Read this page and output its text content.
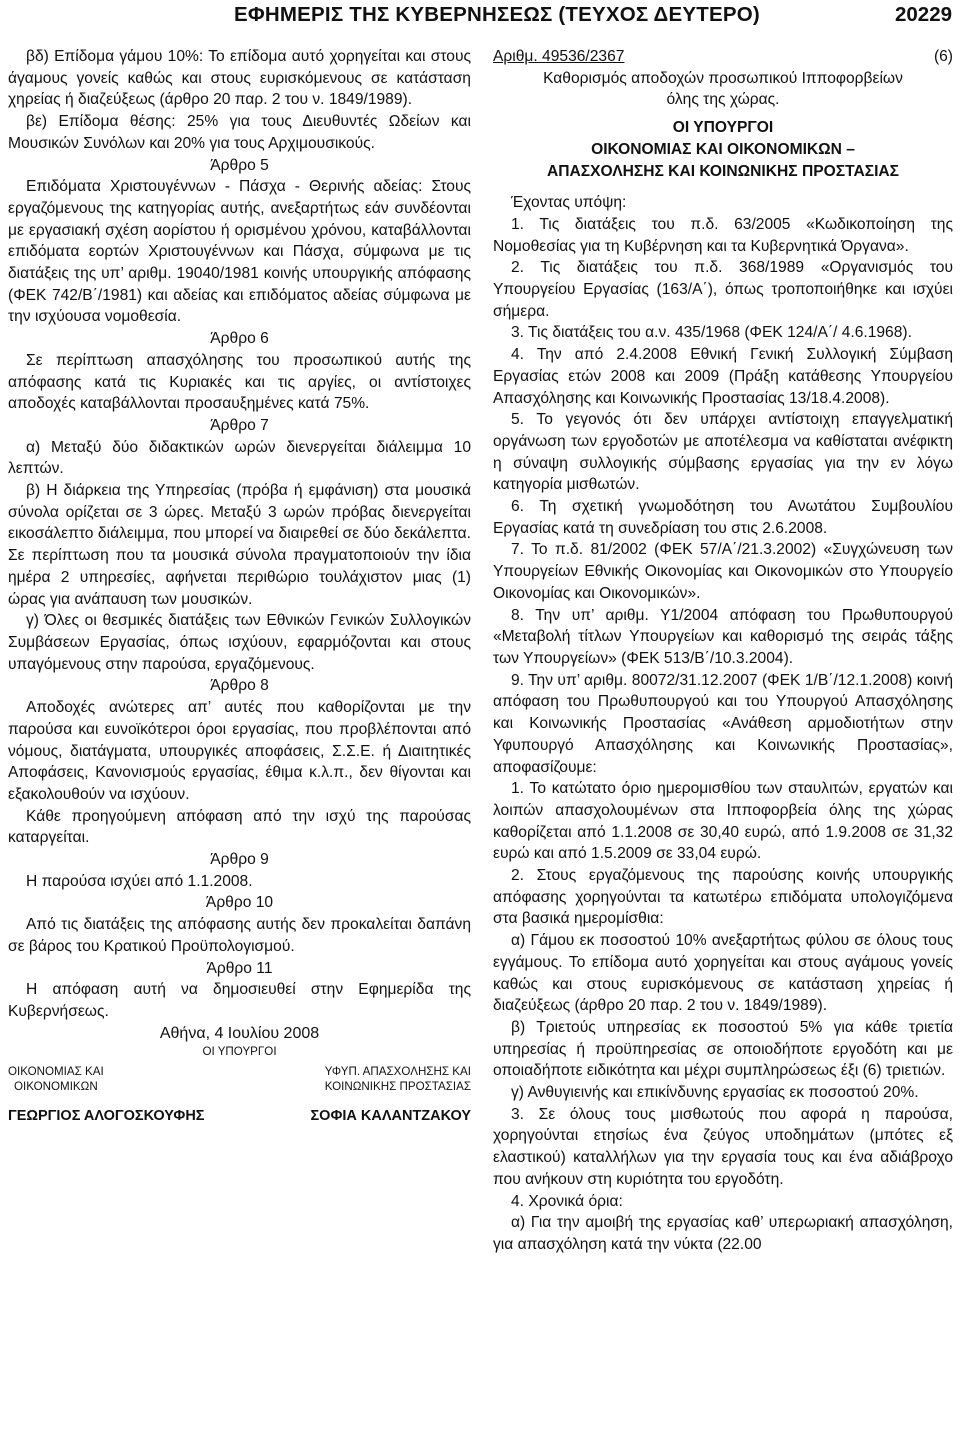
ΕΦΗΜΕΡΙΣ ΤΗΣ ΚΥΒΕΡΝΗΣΕΩΣ (ΤΕΥΧΟΣ ΔΕΥΤΕΡΟ)	20229

βδ) Επίδομα γάμου 10%: Το επίδομα αυτό χορηγείται και στους άγαμους γονείς καθώς και στους ευρισκόμενους σε κατάσταση χηρείας ή διαζεύξεως (άρθρο 20 παρ. 2 του ν. 1849/1989).

βε) Επίδομα θέσης: 25% για τους Διευθυντές Ωδείων και Μουσικών Συνόλων και 20% για τους Αρχιμουσικούς.

Άρθρο 5

Επιδόματα Χριστουγέννων ‑ Πάσχα ‑ Θερινής αδείας: Στους εργαζόμενους της κατηγορίας αυτής, ανεξαρτήτως εάν συνδέονται με εργασιακή σχέση αορίστου ή ορισμένου χρόνου, καταβάλλονται επιδόματα εορτών Χριστουγέννων και Πάσχα, σύμφωνα με τις διατάξεις της υπ’ αριθμ. 19040/1981 κοινής υπουργικής απόφασης (ΦΕΚ 742/Β΄/1981) και αδείας και επιδόματος αδείας σύμφωνα με την ισχύουσα νομοθεσία.

Άρθρο 6

Σε περίπτωση απασχόλησης του προσωπικού αυτής της απόφασης κατά τις Κυριακές και τις αργίες, οι αντίστοιχες αποδοχές καταβάλλονται προσαυξημένες κατά 75%.

Άρθρο 7

α) Μεταξύ δύο διδακτικών ωρών διενεργείται διάλειμμα 10 λεπτών.

β) Η διάρκεια της Υπηρεσίας (πρόβα ή εμφάνιση) στα μουσικά σύνολα ορίζεται σε 3 ώρες. Μεταξύ 3 ωρών πρόβας διενεργείται εικοσάλεπτο διάλειμμα, που μπορεί να διαιρεθεί σε δύο δεκάλεπτα. Σε περίπτωση που τα μουσικά σύνολα πραγματοποιούν την ίδια ημέρα 2 υπηρεσίες, αφήνεται περιθώριο τουλάχιστον μιας (1) ώρας για ανάπαυση των μουσικών.

γ) Όλες οι θεσμικές διατάξεις των Εθνικών Γενικών Συλλογικών Συμβάσεων Εργασίας, όπως ισχύουν, εφαρμόζονται και στους υπαγόμενους στην παρούσα, εργαζόμενους.

Άρθρο 8

Αποδοχές ανώτερες απ’ αυτές που καθορίζονται με την παρούσα και ευνοϊκότεροι όροι εργασίας, που προβλέπονται από νόμους, διατάγματα, υπουργικές αποφάσεις, Σ.Σ.Ε. ή Διαιτητικές Αποφάσεις, Κανονισμούς εργασίας, έθιμα κ.λ.π., δεν θίγονται και εξακολουθούν να ισχύουν.

Κάθε προηγούμενη απόφαση από την ισχύ της παρούσας καταργείται.

Άρθρο 9

Η παρούσα ισχύει από 1.1.2008.

Άρθρο 10

Από τις διατάξεις της απόφασης αυτής δεν προκαλείται δαπάνη σε βάρος του Κρατικού Προϋπολογισμού.

Άρθρο 11

Η απόφαση αυτή να δημοσιευθεί στην Εφημερίδα της Κυβερνήσεως.

Αθήνα, 4 Ιουλίου 2008

ΟΙ ΥΠΟΥΡΓΟΙ

ΟΙΚΟΝΟΜΙΑΣ ΚΑΙ
ΟΙΚΟΝΟΜΙΚΩΝ
ΥΦΥΠ. ΑΠΑΣΧΟΛΗΣΗΣ ΚΑΙ
ΚΟΙΝΩΝΙΚΗΣ ΠΡΟΣΤΑΣΙΑΣ
ΓΕΩΡΓΙΟΣ ΑΛΟΓΟΣΚΟΥΦΗΣ	ΣΟΦΙΑ ΚΑΛΑΝΤΖΑΚΟΥ
Αριθμ. 49536/2367	(6)

Καθορισμός αποδοχών προσωπικού Ιπποφορβείων όλης της χώρας.

ΟΙ ΥΠΟΥΡΓΟΙ
ΟΙΚΟΝΟΜΙΑΣ ΚΑΙ ΟΙΚΟΝΟΜΙΚΩΝ –
ΑΠΑΣΧΟΛΗΣΗΣ ΚΑΙ ΚΟΙΝΩΝΙΚΗΣ ΠΡΟΣΤΑΣΙΑΣ

Έχοντας υπόψη:

1. Τις διατάξεις του π.δ. 63/2005 «Κωδικοποίηση της Νομοθεσίας για τη Κυβέρνηση και τα Κυβερνητικά Όργανα».

2. Τις διατάξεις του π.δ. 368/1989 «Οργανισμός του Υπουργείου Εργασίας (163/Α΄), όπως τροποποιήθηκε και ισχύει σήμερα.

3. Τις διατάξεις του α.ν. 435/1968 (ΦΕΚ 124/Α΄/ 4.6.1968).

4. Την από 2.4.2008 Εθνική Γενική Συλλογική Σύμβαση Εργασίας ετών 2008 και 2009 (Πράξη κατάθεσης Υπουργείου Απασχόλησης και Κοινωνικής Προστασίας 13/18.4.2008).

5. Το γεγονός ότι δεν υπάρχει αντίστοιχη επαγγελματική οργάνωση των εργοδοτών με αποτέλεσμα να καθίσταται ανέφικτη η σύναψη συλλογικής σύμβασης εργασίας για την εν λόγω κατηγορία μισθωτών.

6. Τη σχετική γνωμοδότηση του Ανωτάτου Συμβουλίου Εργασίας κατά τη συνεδρίαση του στις 2.6.2008.

7. Το π.δ. 81/2002 (ΦΕΚ 57/Α΄/21.3.2002) «Συγχώνευση των Υπουργείων Εθνικής Οικονομίας και Οικονομικών στο Υπουργείο Οικονομίας και Οικονομικών».

8. Την υπ’ αριθμ. Υ1/2004 απόφαση του Πρωθυπουργού «Μεταβολή τίτλων Υπουργείων και καθορισμό της σειράς τάξης των Υπουργείων» (ΦΕΚ 513/Β΄/10.3.2004).

9. Την υπ’ αριθμ. 80072/31.12.2007 (ΦΕΚ 1/Β΄/12.1.2008) κοινή απόφαση του Πρωθυπουργού και του Υπουργού Απασχόλησης και Κοινωνικής Προστασίας «Ανάθεση αρμοδιοτήτων στην Υφυπουργό Απασχόλησης και Κοινωνικής Προστασίας», αποφασίζουμε:

1. Το κατώτατο όριο ημερομισθίου των σταυλιτών, εργατών και λοιπών απασχολουμένων στα Ιπποφορβεία όλης της χώρας καθορίζεται από 1.1.2008 σε 30,40 ευρώ, από 1.9.2008 σε 31,32 ευρώ και από 1.5.2009 σε 33,04 ευρώ.

2. Στους εργαζόμενους της παρούσης κοινής υπουργικής απόφασης χορηγούνται τα κατωτέρω επιδόματα υπολογιζόμενα στα βασικά ημερομίσθια:

α) Γάμου εκ ποσοστού 10% ανεξαρτήτως φύλου σε όλους τους εγγάμους. Το επίδομα αυτό χορηγείται και στους αγάμους γονείς καθώς και στους ευρισκόμενους σε κατάσταση χηρείας ή διαζεύξεως (άρθρο 20 παρ. 2 του ν. 1849/1989).

β) Τριετούς υπηρεσίας εκ ποσοστού 5% για κάθε τριετία υπηρεσίας ή προϋπηρεσίας σε οποιοδήποτε εργοδότη και με οποιαδήποτε ειδικότητα και μέχρι συμπληρώσεως έξι (6) τριετιών.

γ) Ανθυγιεινής και επικίνδυνης εργασίας εκ ποσοστού 20%.

3. Σε όλους τους μισθωτούς που αφορά η παρούσα, χορηγούνται ετησίως ένα ζεύγος υποδημάτων (μπότες εξ ελαστικού) καταλλήλων για την εργασία τους και ένα αδιάβροχο που ανήκουν στη κυριότητα του εργοδότη.

4. Χρονικά όρια:

α) Για την αμοιβή της εργασίας καθ’ υπερωριακή απασχόληση, για απασχόληση κατά την νύκτα (22.00
